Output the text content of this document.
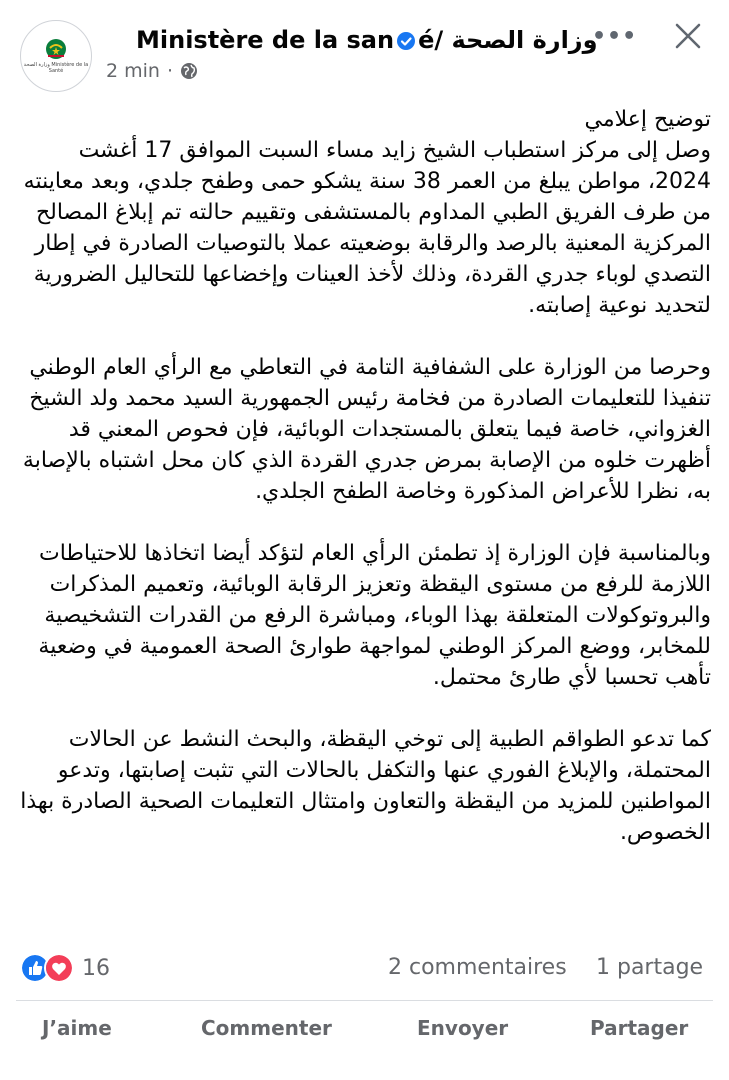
وزارة الصحة Ministère de la Santé
Ministère de la san é/ وزارة الصحة
2 min ·
•••

توضيح إعلامي

وصل إلى مركز استطباب الشيخ زايد مساء السبت الموافق 17 أغشت 2024، مواطن يبلغ من العمر 38 سنة يشكو حمى وطفح جلدي، وبعد معاينته من طرف الفريق الطبي المداوم بالمستشفى وتقييم حالته تم إبلاغ المصالح المركزية المعنية بالرصد والرقابة بوضعيته عملا بالتوصيات الصادرة في إطار التصدي لوباء جدري القردة، وذلك لأخذ العينات وإخضاعها للتحاليل الضرورية لتحديد نوعية إصابته.

وحرصا من الوزارة على الشفافية التامة في التعاطي مع الرأي العام الوطني تنفيذا للتعليمات الصادرة من فخامة رئيس الجمهورية السيد محمد ولد الشيخ الغزواني، خاصة فيما يتعلق بالمستجدات الوبائية، فإن فحوص المعني قد أظهرت خلوه من الإصابة بمرض جدري القردة الذي كان محل اشتباه بالإصابة به، نظرا للأعراض المذكورة وخاصة الطفح الجلدي.

وبالمناسبة فإن الوزارة إذ تطمئن الرأي العام لتؤكد أيضا اتخاذها للاحتياطات اللازمة للرفع من مستوى اليقظة وتعزيز الرقابة الوبائية، وتعميم المذكرات والبروتوكولات المتعلقة بهذا الوباء، ومباشرة الرفع من القدرات التشخيصية للمخابر، ووضع المركز الوطني لمواجهة طوارئ الصحة العمومية في وضعية تأهب تحسبا لأي طارئ محتمل.

كما تدعو الطواقم الطبية إلى توخي اليقظة، والبحث النشط عن الحالات المحتملة، والإبلاغ الفوري عنها والتكفل بالحالات التي تثبت إصابتها، وتدعو المواطنين للمزيد من اليقظة والتعاون وامتثال التعليمات الصحية الصادرة بهذا الخصوص.

16	2 commentaires 1 partage
J’aime	Commenter	Envoyer	Partager
